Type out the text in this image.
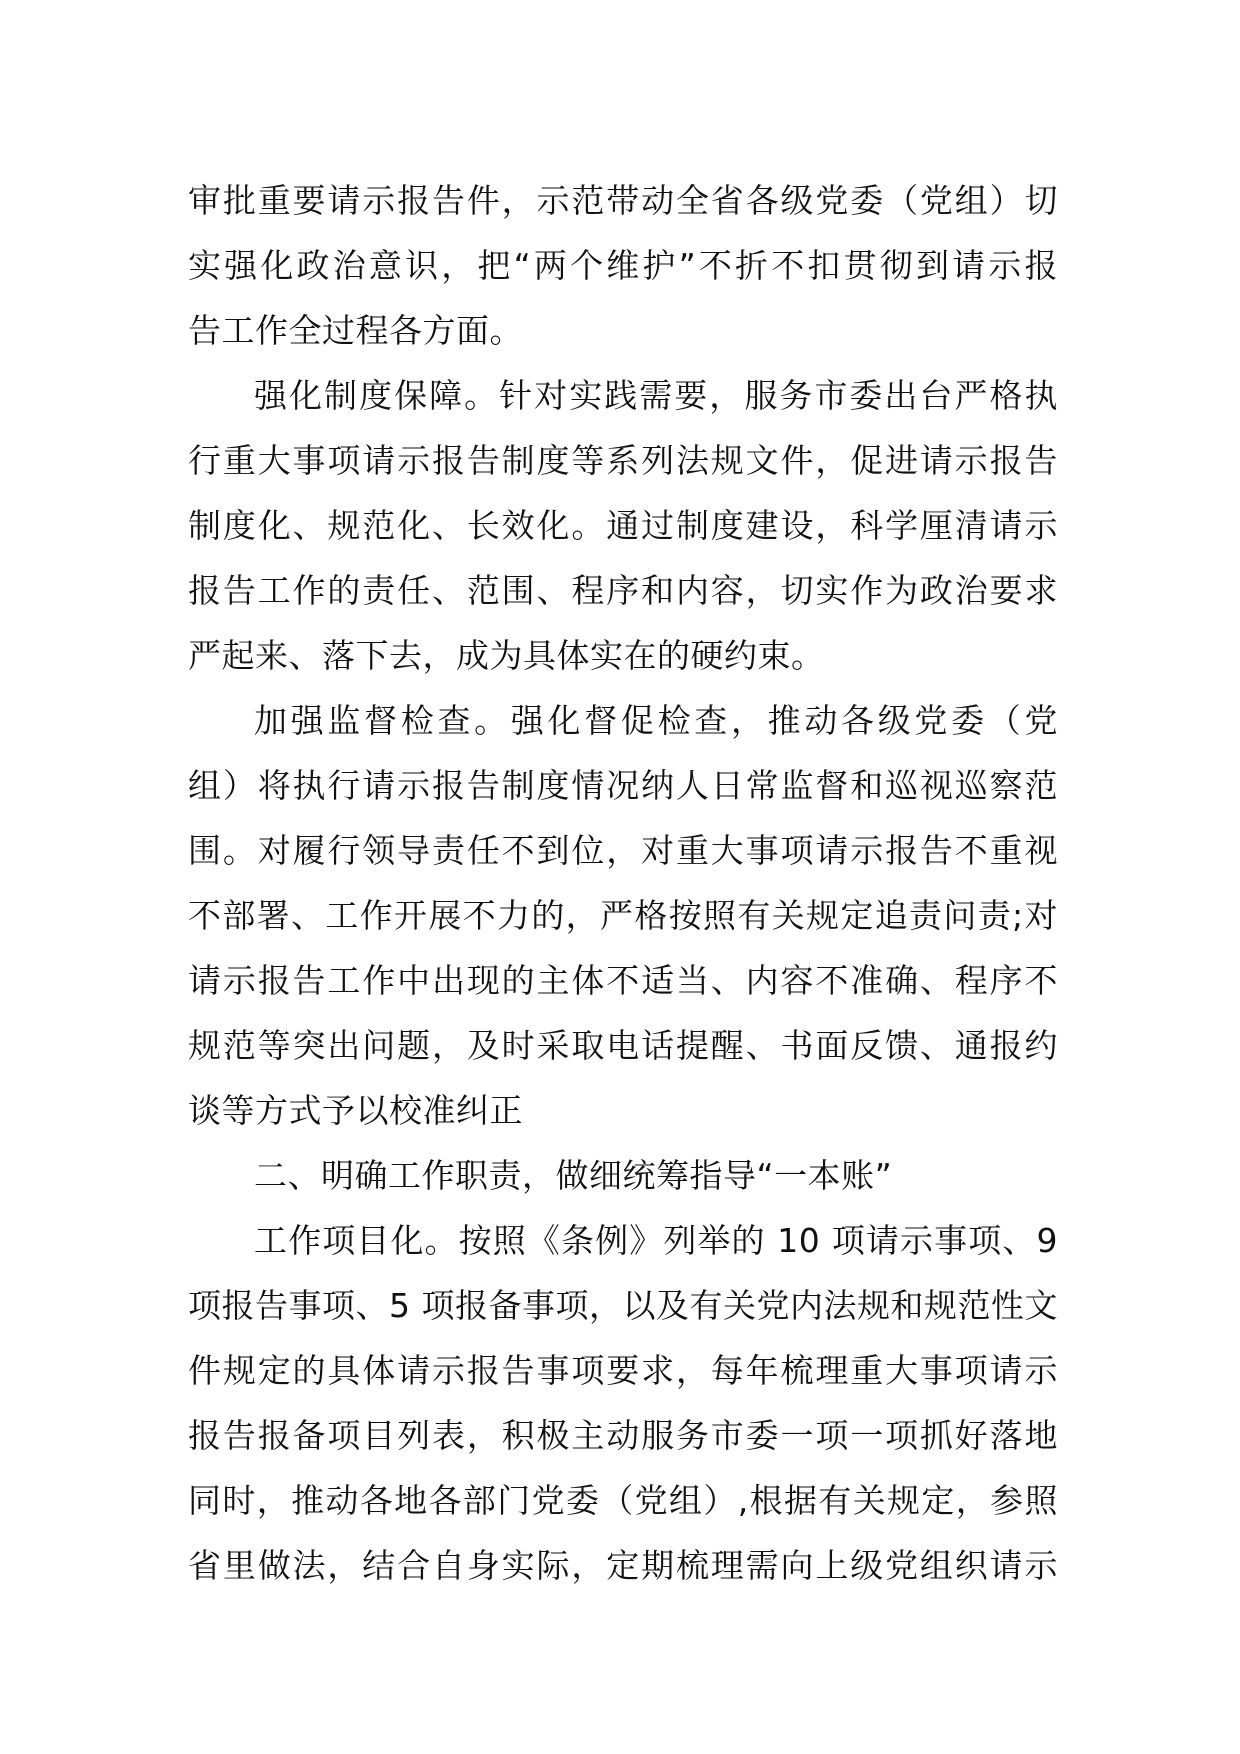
审批重要请示报告件，示范带动全省各级党委（党组）切
实强化政治意识，把“两个维护”不折不扣贯彻到请示报
告工作全过程各方面。
强化制度保障。针对实践需要，服务市委出台严格执
行重大事项请示报告制度等系列法规文件，促进请示报告
制度化、规范化、长效化。通过制度建设，科学厘清请示
报告工作的责任、范围、程序和内容，切实作为政治要求
严起来、落下去，成为具体实在的硬约束。
加强监督检查。强化督促检查，推动各级党委（党
组）将执行请示报告制度情况纳人日常监督和巡视巡察范
围。对履行领导责任不到位，对重大事项请示报告不重视
不部署、工作开展不力的，严格按照有关规定追责问责;对
请示报告工作中出现的主体不适当、内容不准确、程序不
规范等突出问题，及时采取电话提醒、书面反馈、通报约
谈等方式予以校准纠正
二、明确工作职责，做细统筹指导“一本账”
工作项目化。按照《条例》列举的 10 项请示事项、9
项报告事项、5 项报备事项，以及有关党内法规和规范性文
件规定的具体请示报告事项要求，每年梳理重大事项请示
报告报备项目列表，积极主动服务市委一项一项抓好落地
同时，推动各地各部门党委（党组）,根据有关规定，参照
省里做法，结合自身实际，定期梳理需向上级党组织请示
